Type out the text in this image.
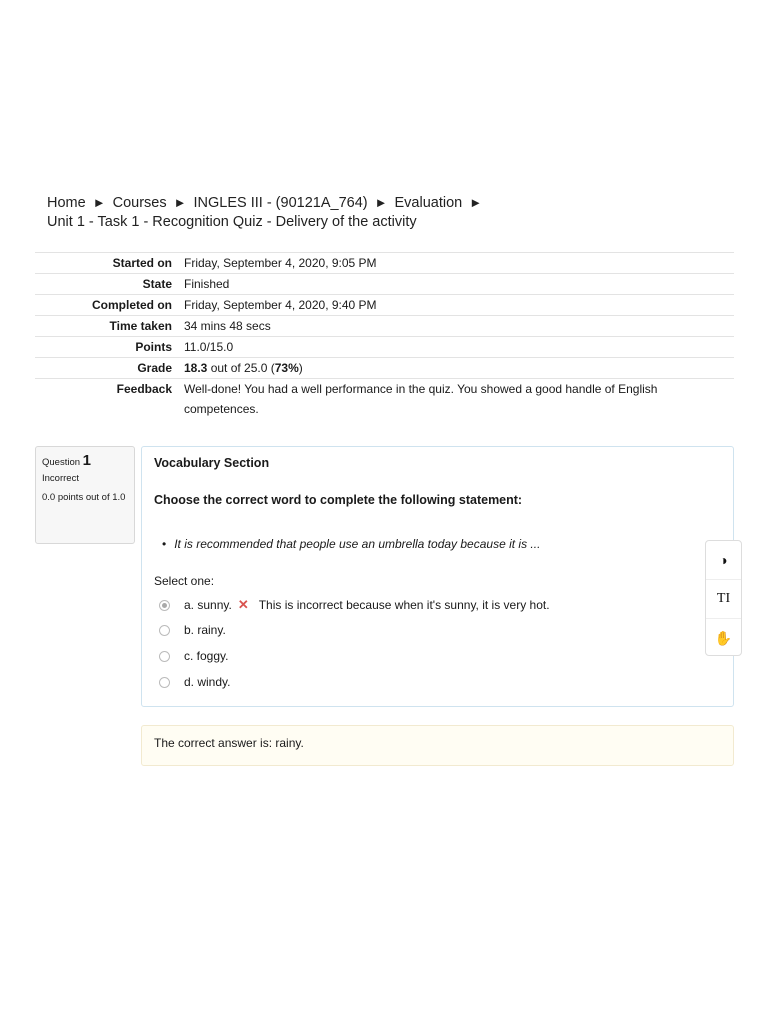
Home ► Courses ► INGLES III - (90121A_764) ► Evaluation ►
Unit 1 - Task 1 - Recognition Quiz - Delivery of the activity
Started on	Friday, September 4, 2020, 9:05 PM
State	Finished
Completed on	Friday, September 4, 2020, 9:40 PM
Time taken	34 mins 48 secs
Points	11.0/15.0
Grade	18.3 out of 25.0 (73%)
Feedback	Well-done! You had a well performance in the quiz. You showed a good handle of English competences.
Question 1
Incorrect
0.0 points out of 1.0
Vocabulary Section
Choose the correct word to complete the following statement:
• It is recommended that people use an umbrella today because it is ...
Select one:
a. sunny. ✕ This is incorrect because when it's sunny, it is very hot.
b. rainy.
c. foggy.
d. windy.
The correct answer is: rainy.
◑
TI
✋
